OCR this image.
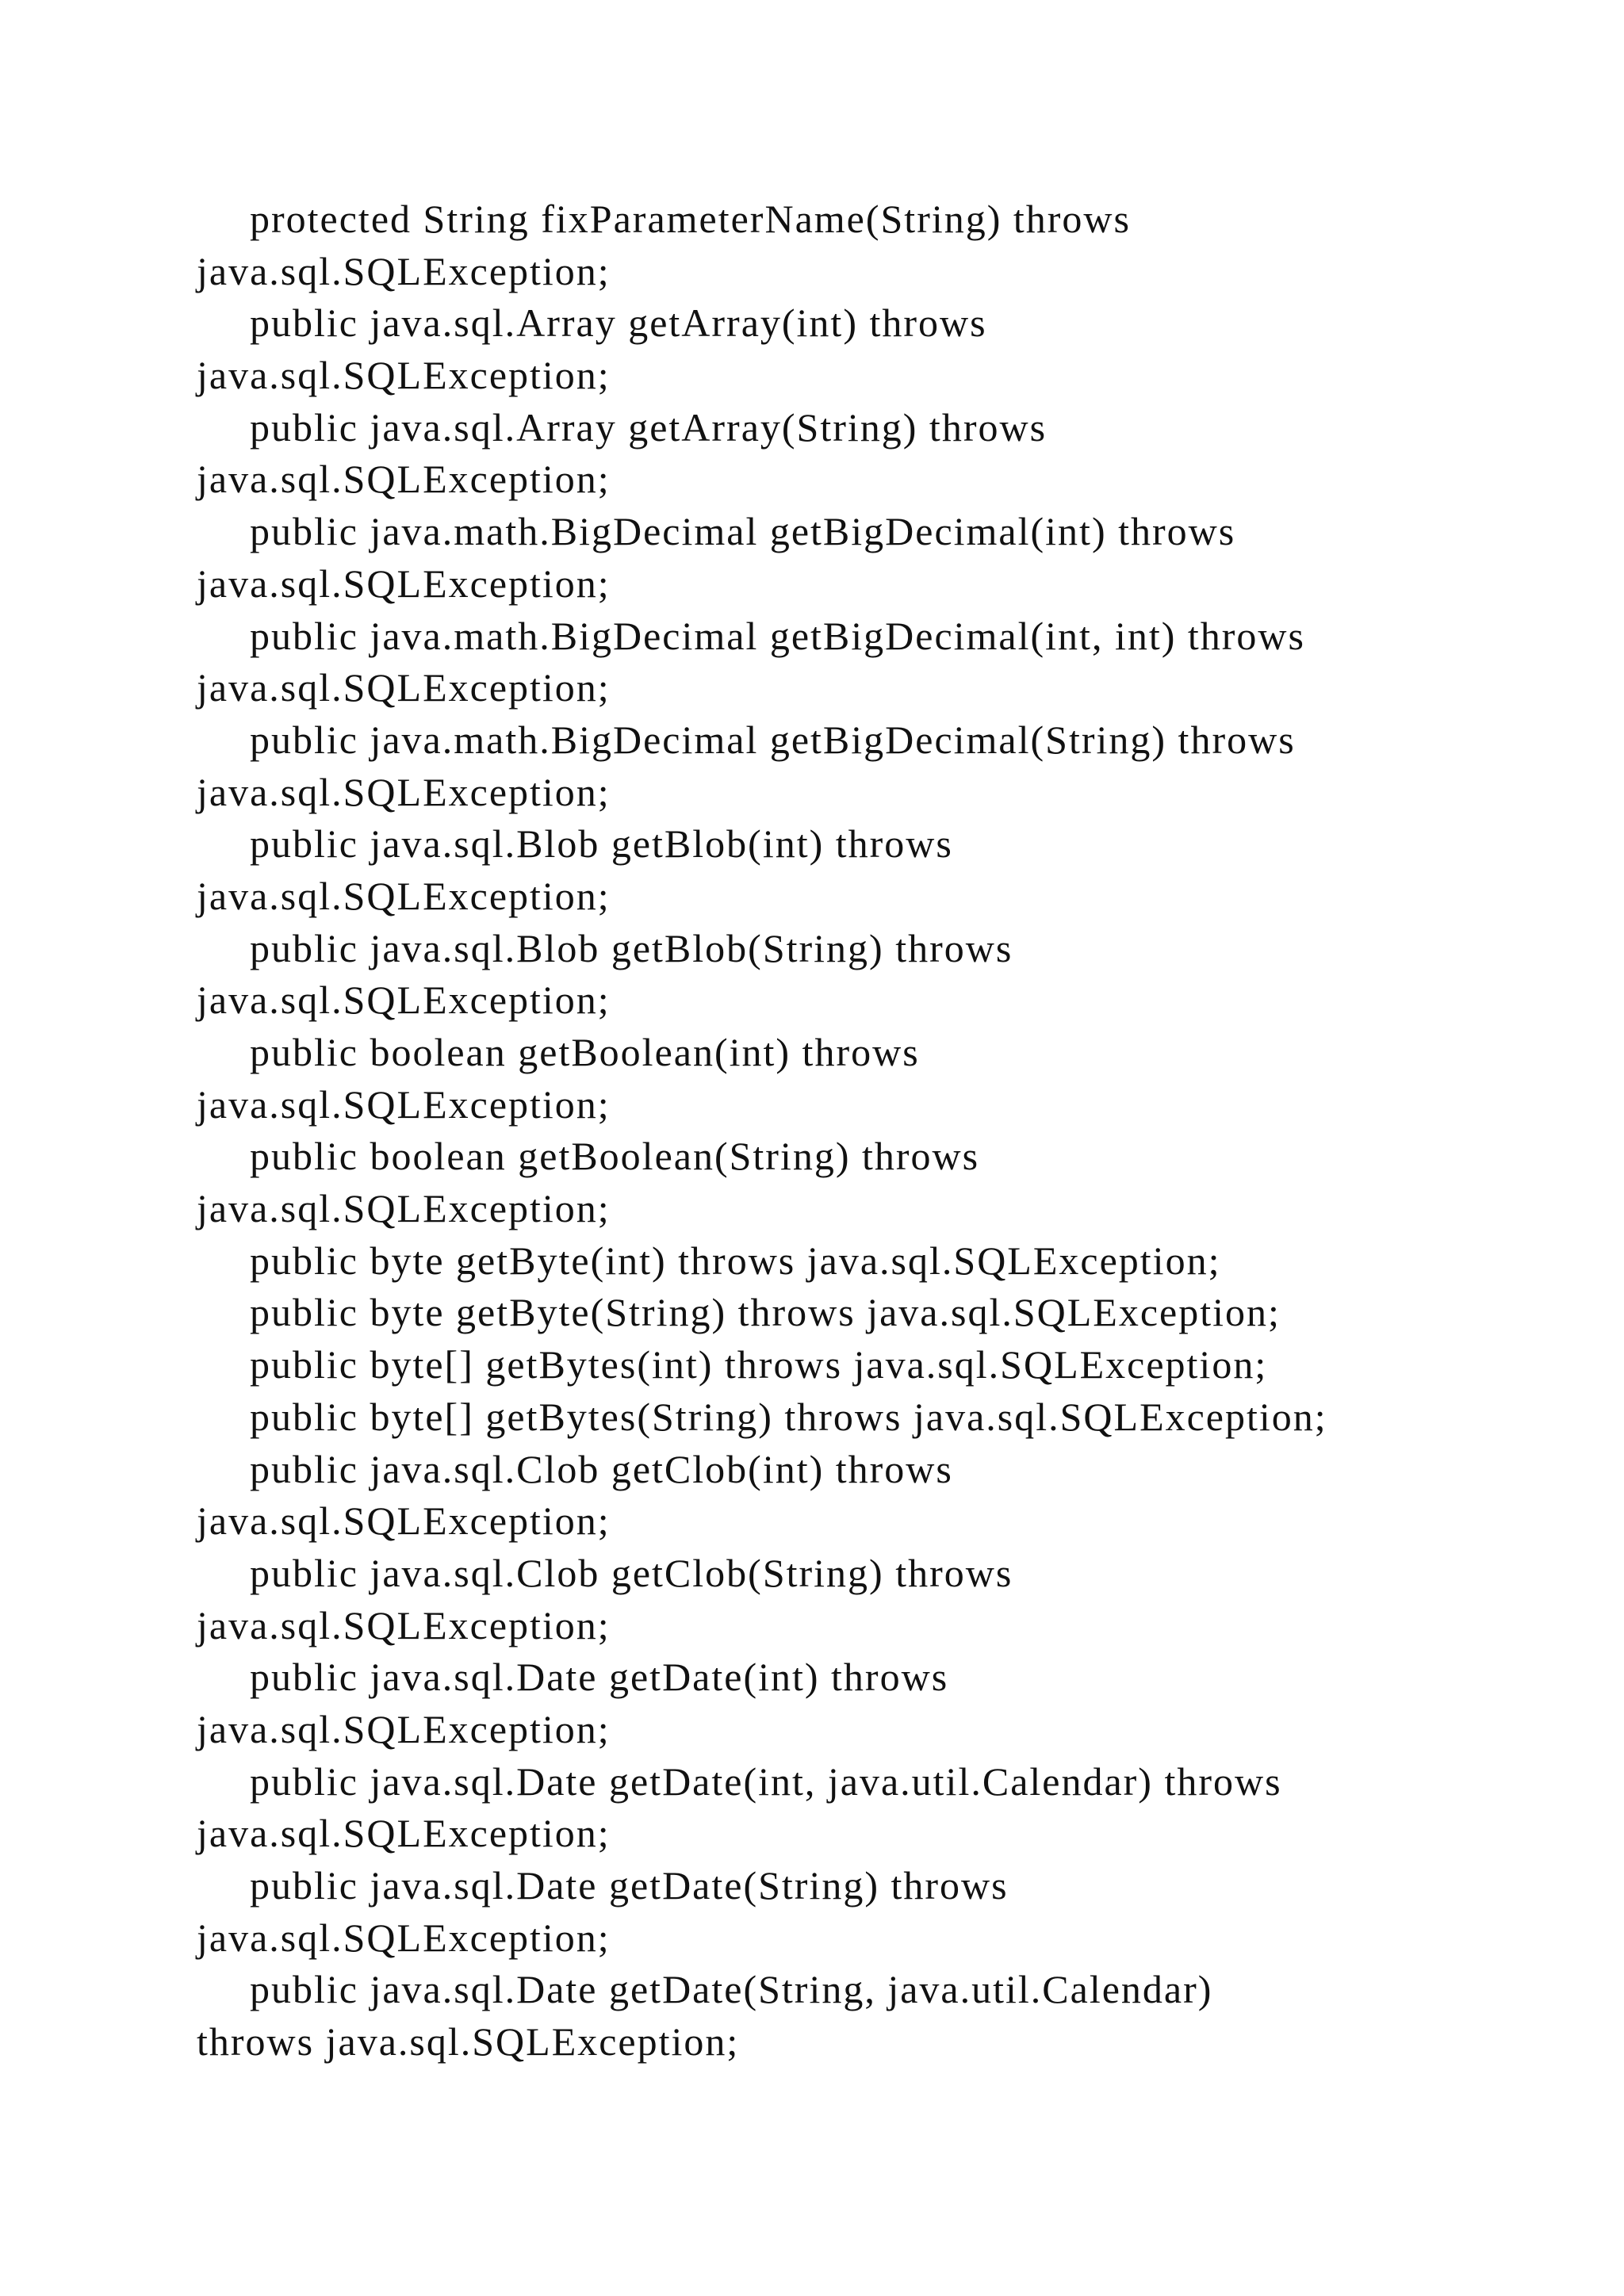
protected String fixParameterName(String) throws
java.sql.SQLException;
public java.sql.Array getArray(int) throws
java.sql.SQLException;
public java.sql.Array getArray(String) throws
java.sql.SQLException;
public java.math.BigDecimal getBigDecimal(int) throws
java.sql.SQLException;
public java.math.BigDecimal getBigDecimal(int, int) throws
java.sql.SQLException;
public java.math.BigDecimal getBigDecimal(String) throws
java.sql.SQLException;
public java.sql.Blob getBlob(int) throws
java.sql.SQLException;
public java.sql.Blob getBlob(String) throws
java.sql.SQLException;
public boolean getBoolean(int) throws
java.sql.SQLException;
public boolean getBoolean(String) throws
java.sql.SQLException;
public byte getByte(int) throws java.sql.SQLException;
public byte getByte(String) throws java.sql.SQLException;
public byte[] getBytes(int) throws java.sql.SQLException;
public byte[] getBytes(String) throws java.sql.SQLException;
public java.sql.Clob getClob(int) throws
java.sql.SQLException;
public java.sql.Clob getClob(String) throws
java.sql.SQLException;
public java.sql.Date getDate(int) throws
java.sql.SQLException;
public java.sql.Date getDate(int, java.util.Calendar) throws
java.sql.SQLException;
public java.sql.Date getDate(String) throws
java.sql.SQLException;
public java.sql.Date getDate(String, java.util.Calendar)
throws java.sql.SQLException;
